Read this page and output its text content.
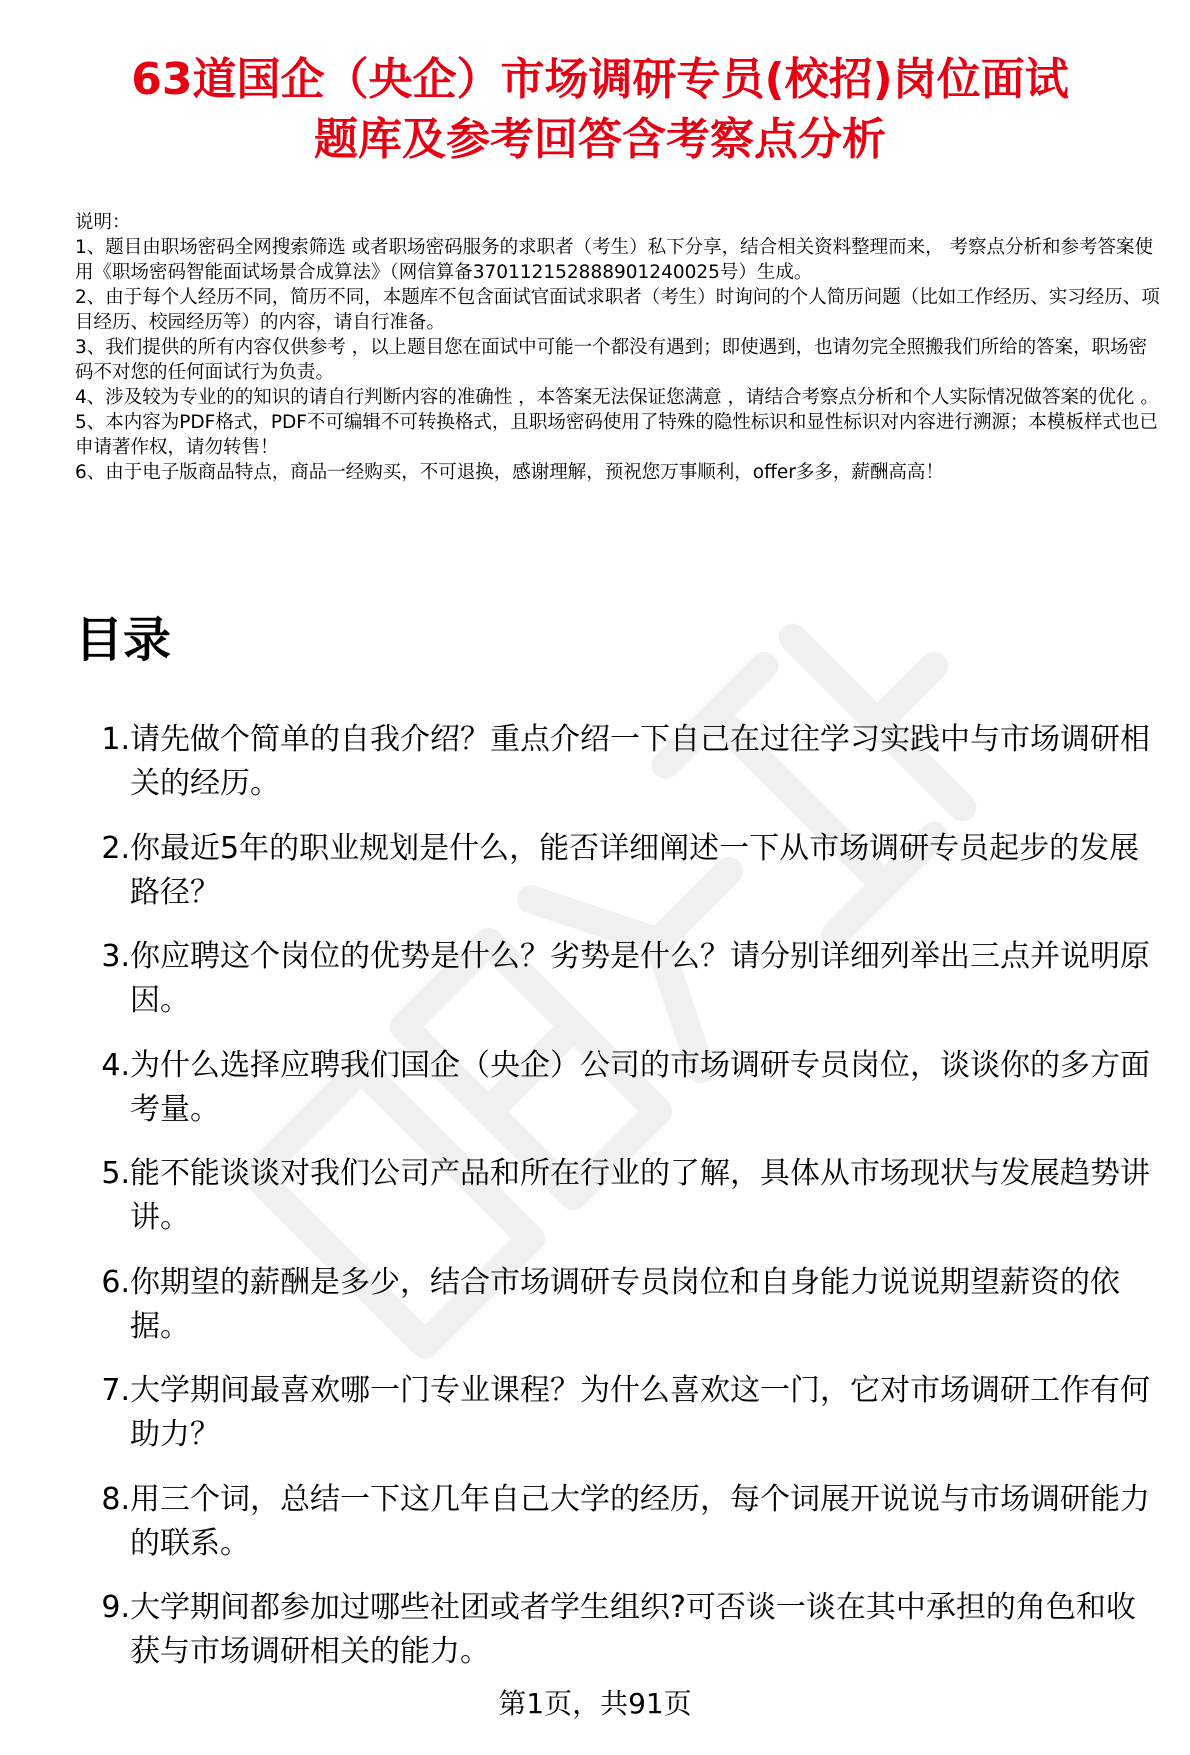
63道国企（央企）市场调研专员(校招)岗位面试
题库及参考回答含考察点分析
说明：
1、题目由职场密码全网搜索筛选 或者职场密码服务的求职者（考生）私下分享，结合相关资料整理而来， 考察点分析和参考答案使用《职场密码智能面试场景合成算法》（网信算备370112152888901240025号）生成。
2、由于每个人经历不同，简历不同，本题库不包含面试官面试求职者（考生）时询问的个人简历问题（比如工作经历、实习经历、项目经历、校园经历等）的内容，请自行准备。
3、我们提供的所有内容仅供参考 ，以上题目您在面试中可能一个都没有遇到；即使遇到，也请勿完全照搬我们所给的答案，职场密码不对您的任何面试行为负责。
4、涉及较为专业的的知识的请自行判断内容的准确性 ，本答案无法保证您满意 ，请结合考察点分析和个人实际情况做答案的优化 。
5、本内容为PDF格式，PDF不可编辑不可转换格式，且职场密码使用了特殊的隐性标识和显性标识对内容进行溯源；本模板样式也已申请著作权，请勿转售！
6、由于电子版商品特点，商品一经购买，不可退换，感谢理解，预祝您万事顺利，offer多多，薪酬高高！
目录
1. 请先做个简单的自我介绍？重点介绍一下自己在过往学习实践中与市场调研相关的经历。
2. 你最近5年的职业规划是什么，能否详细阐述一下从市场调研专员起步的发展路径？
3. 你应聘这个岗位的优势是什么？劣势是什么？请分别详细列举出三点并说明原因。
4. 为什么选择应聘我们国企（央企）公司的市场调研专员岗位，谈谈你的多方面考量。
5. 能不能谈谈对我们公司产品和所在行业的了解，具体从市场现状与发展趋势讲讲。
6. 你期望的薪酬是多少，结合市场调研专员岗位和自身能力说说期望薪资的依据。
7. 大学期间最喜欢哪一门专业课程？为什么喜欢这一门，它对市场调研工作有何助力？
8. 用三个词，总结一下这几年自己大学的经历，每个词展开说说与市场调研能力的联系。
9. 大学期间都参加过哪些社团或者学生组织?可否谈一谈在其中承担的角色和收获与市场调研相关的能力。
第1页，共91页
